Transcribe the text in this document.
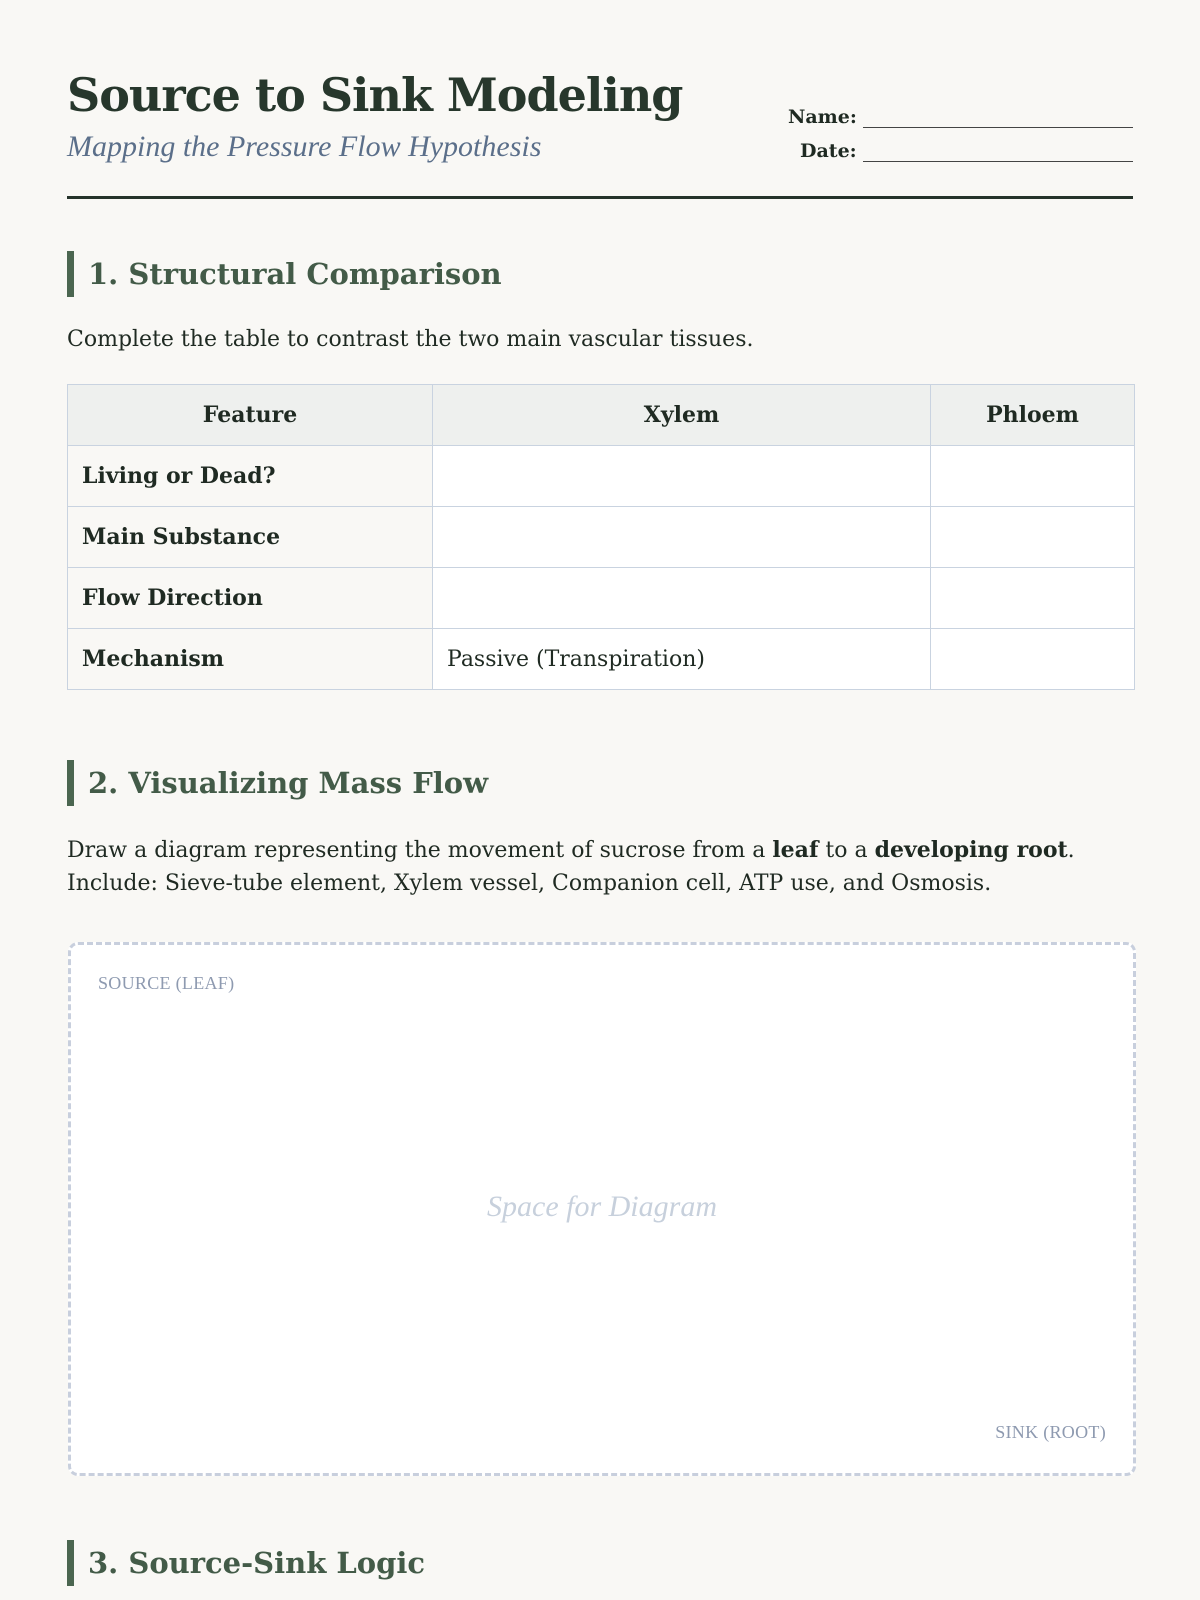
Source to Sink Modeling

Mapping the Pressure Flow Hypothesis

Name:
Date:
1. Structural Comparison

Complete the table to contrast the two main vascular tissues.

Feature	Xylem	Phloem
Living or Dead?		
Main Substance		
Flow Direction		
Mechanism	Passive (Transpiration)	
2. Visualizing Mass Flow

Draw a diagram representing the movement of sucrose from a leaf to a developing root.
Include: Sieve-tube element, Xylem vessel, Companion cell, ATP use, and Osmosis.

SOURCE (LEAF)
Space for Diagram
SINK (ROOT)
3. Source-Sink Logic
